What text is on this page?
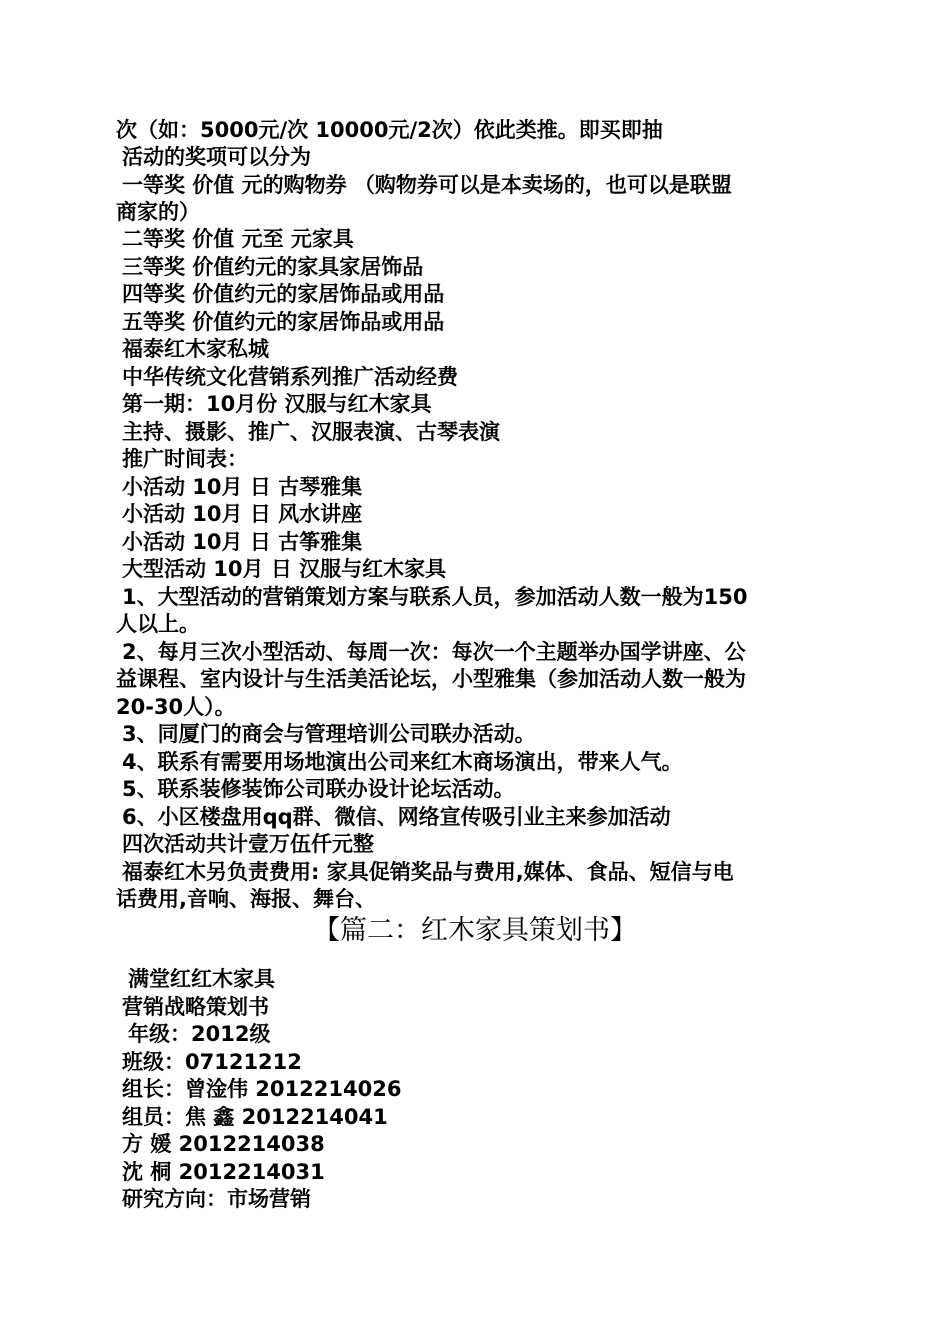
次（如：5000元/次 10000元/2次）依此类推。即买即抽
活动的奖项可以分为
一等奖 价值 元的购物券 （购物券可以是本卖场的，也可以是联盟
商家的）
二等奖 价值 元至 元家具
三等奖 价值约元的家具家居饰品
四等奖 价值约元的家居饰品或用品
五等奖 价值约元的家居饰品或用品
福泰红木家私城
中华传统文化营销系列推广活动经费
第一期：10月份 汉服与红木家具
主持、摄影、推广、汉服表演、古琴表演
推广时间表：
小活动 10月 日 古琴雅集
小活动 10月 日 风水讲座
小活动 10月 日 古筝雅集
大型活动 10月 日 汉服与红木家具
1、大型活动的营销策划方案与联系人员，参加活动人数一般为150
人以上。
2、每月三次小型活动、每周一次：每次一个主题举办国学讲座、公
益课程、室内设计与生活美活论坛，小型雅集（参加活动人数一般为
20-30人）。
3、同厦门的商会与管理培训公司联办活动。
4、联系有需要用场地演出公司来红木商场演出，带来人气。
5、联系装修装饰公司联办设计论坛活动。
6、小区楼盘用qq群、微信、网络宣传吸引业主来参加活动
四次活动共计壹万伍仟元整
福泰红木另负责费用: 家具促销奖品与费用,媒体、食品、短信与电
话费用,音响、海报、舞台、
【篇二：红木家具策划书】
满堂红红木家具
营销战略策划书
年级：2012级
班级：07121212
组长：曾淦伟 2012214026
组员：焦 鑫 2012214041
方 媛 2012214038
沈 桐 2012214031
研究方向：市场营销
